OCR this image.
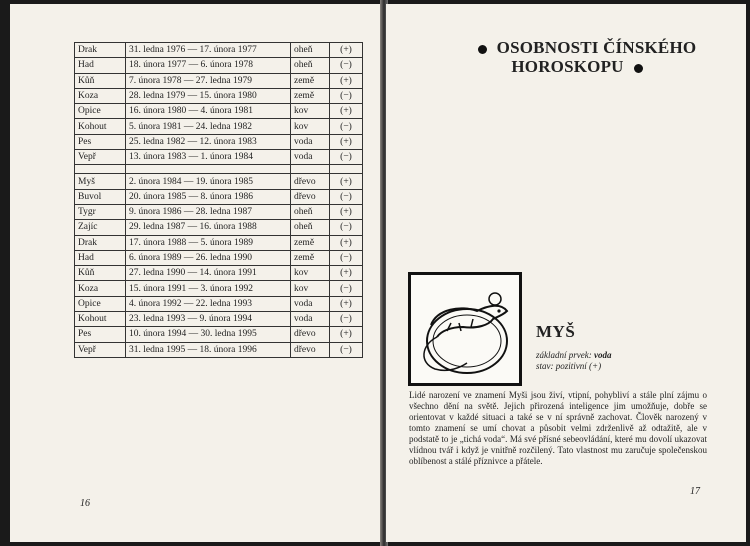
Drak	31. ledna 1976 — 17. února 1977	oheň	(+)
Had	18. února 1977 — 6. února 1978	oheň	(−)
Kůň	7. února 1978 — 27. ledna 1979	země	(+)
Koza	28. ledna 1979 — 15. února 1980	země	(−)
Opice	16. února 1980 — 4. února 1981	kov	(+)
Kohout	5. února 1981 — 24. ledna 1982	kov	(−)
Pes	25. ledna 1982 — 12. února 1983	voda	(+)
Vepř	13. února 1983 — 1. února 1984	voda	(−)

Myš	2. února 1984 — 19. února 1985	dřevo	(+)
Buvol	20. února 1985 — 8. února 1986	dřevo	(−)
Tygr	9. února 1986 — 28. ledna 1987	oheň	(+)
Zajíc	29. ledna 1987 — 16. února 1988	oheň	(−)
Drak	17. února 1988 — 5. února 1989	země	(+)
Had	6. února 1989 — 26. ledna 1990	země	(−)
Kůň	27. ledna 1990 — 14. února 1991	kov	(+)
Koza	15. února 1991 — 3. února 1992	kov	(−)
Opice	4. února 1992 — 22. ledna 1993	voda	(+)
Kohout	23. ledna 1993 — 9. února 1994	voda	(−)
Pes	10. února 1994 — 30. ledna 1995	dřevo	(+)
Vepř	31. ledna 1995 — 18. února 1996	dřevo	(−)
16
OSOBNOSTI ČÍNSKÉHO
HOROSKOPU
MYŠ
základní prvek: voda
stav: pozitivní (+)

Lidé narození ve znamení Myši jsou živí, vtipní, pohybliví a stále plní zájmu o všechno dění na světě. Jejich přirozená inteligence jim umožňuje, dobře se orientovat v každé situaci a také se v ní správně zachovat. Člověk narozený v tomto znamení se umí chovat a působit velmi zdrženlivě až odtažitě, ale v podstatě to je „tichá voda“. Má své přísné sebeovládání, které mu dovolí ukazovat vlídnou tvář i když je vnitřně rozčilený. Tato vlastnost mu zaručuje společenskou oblíbenost a stálé příznivce a přátele.

17
